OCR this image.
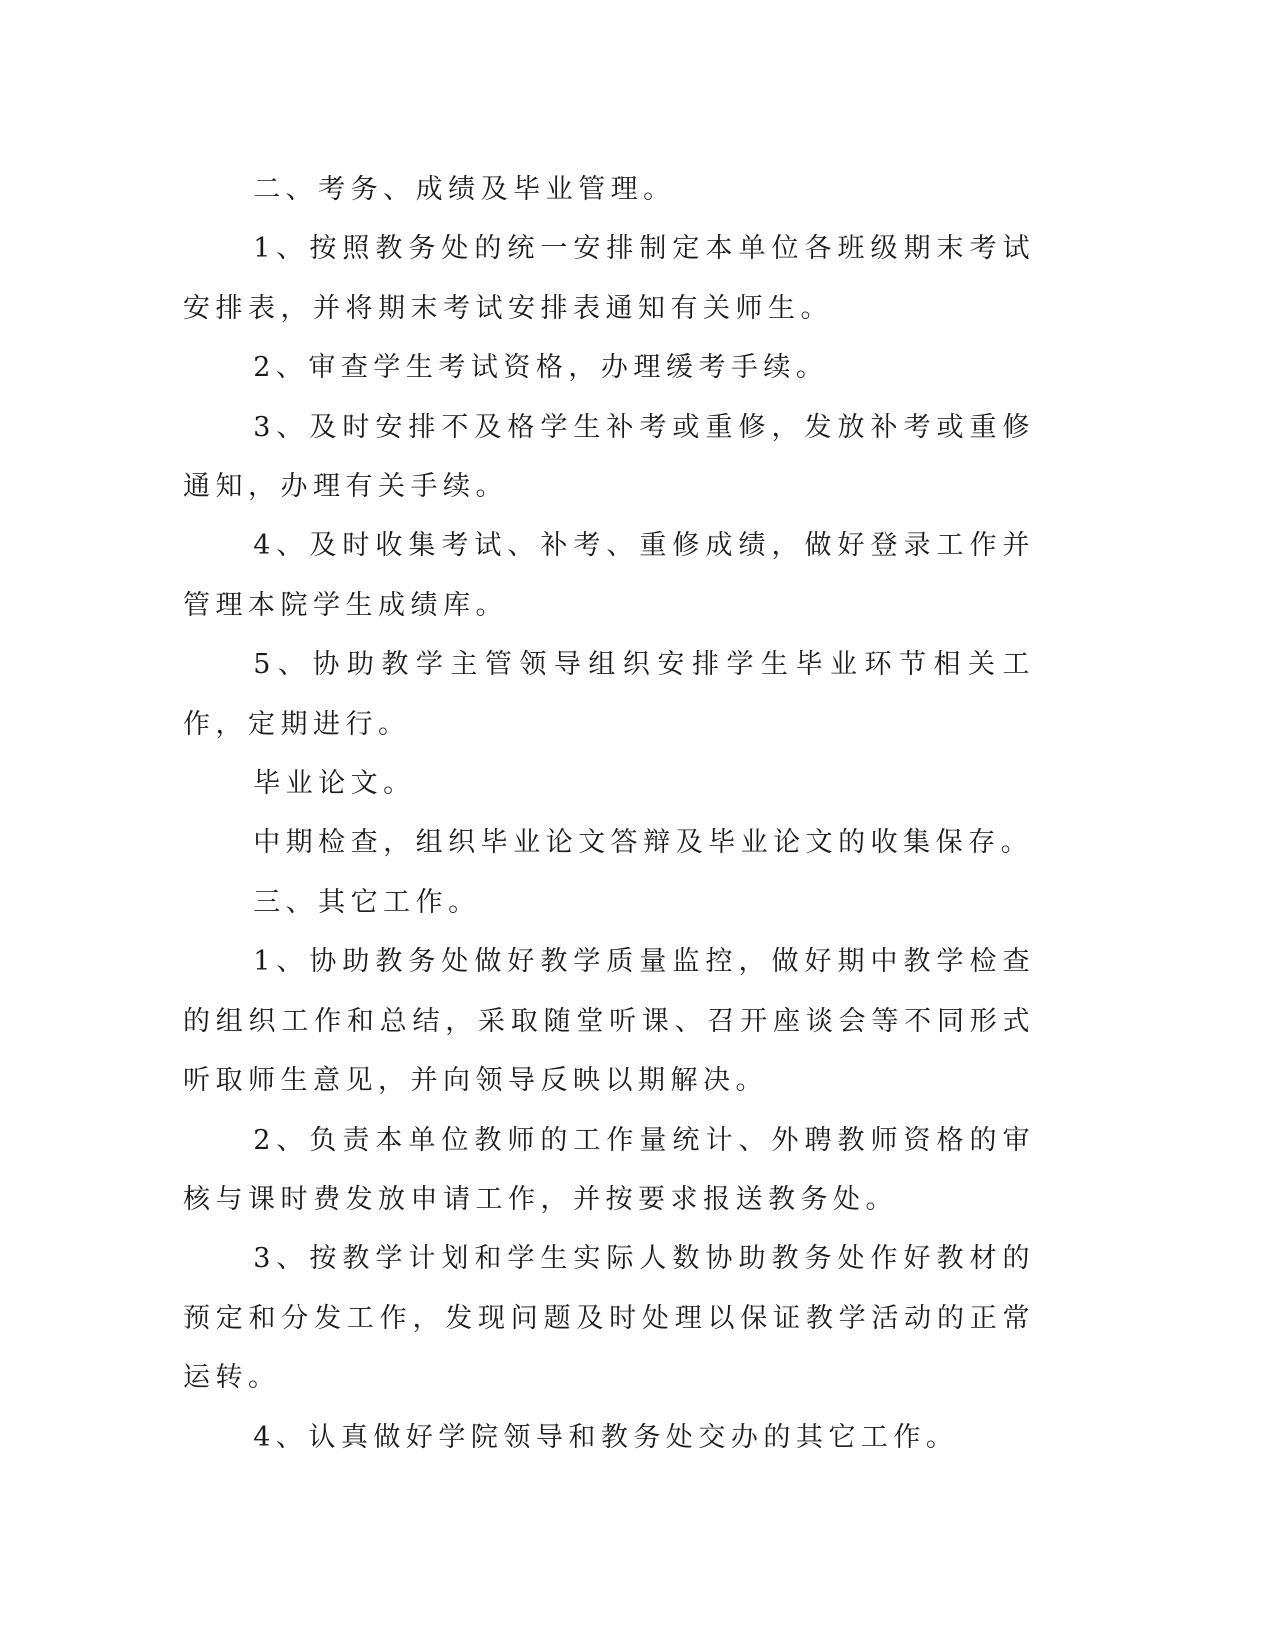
二、考务、成绩及毕业管理。

1、按照教务处的统一安排制定本单位各班级期末考试安排表，并将期末考试安排表通知有关师生。

2、审查学生考试资格，办理缓考手续。

3、及时安排不及格学生补考或重修，发放补考或重修通知，办理有关手续。

4、及时收集考试、补考、重修成绩，做好登录工作并管理本院学生成绩库。

5、协助教学主管领导组织安排学生毕业环节相关工作，定期进行。

毕业论文。

中期检查，组织毕业论文答辩及毕业论文的收集保存。

三、其它工作。

1、协助教务处做好教学质量监控，做好期中教学检查的组织工作和总结，采取随堂听课、召开座谈会等不同形式听取师生意见，并向领导反映以期解决。

2、负责本单位教师的工作量统计、外聘教师资格的审核与课时费发放申请工作，并按要求报送教务处。

3、按教学计划和学生实际人数协助教务处作好教材的预定和分发工作，发现问题及时处理以保证教学活动的正常运转。

4、认真做好学院领导和教务处交办的其它工作。
